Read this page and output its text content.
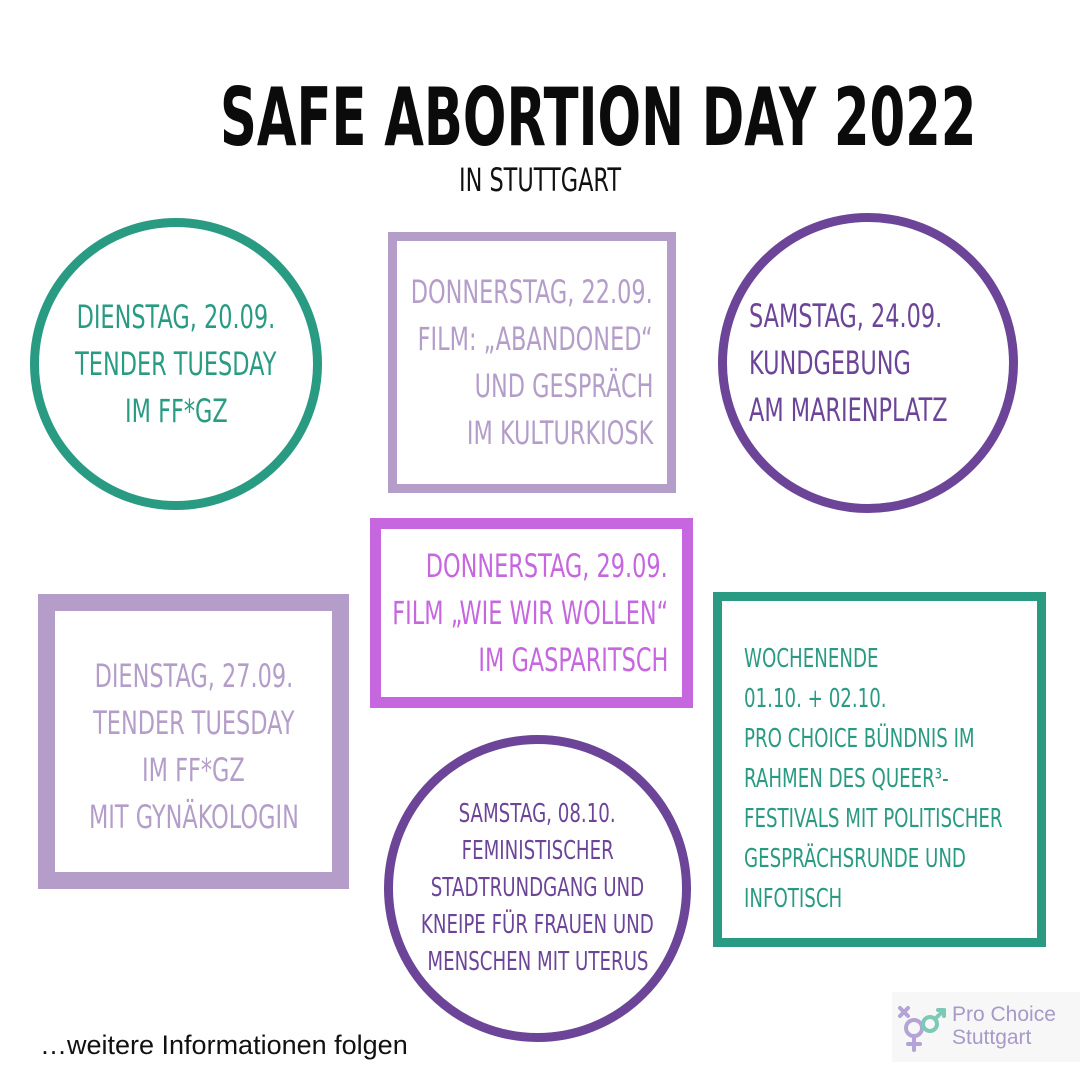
SAFE ABORTION DAY 2022
IN STUTTGART
DIENSTAG, 20.09.
TENDER TUESDAY
IM FF*GZ
DONNERSTAG, 22.09.
FILM: „ABANDONED“
UND GESPRÄCH
IM KULTURKIOSK
SAMSTAG, 24.09.
KUNDGEBUNG
AM MARIENPLATZ
DONNERSTAG, 29.09.
FILM „WIE WIR WOLLEN“
IM GASPARITSCH
DIENSTAG, 27.09.
TENDER TUESDAY
IM FF*GZ
MIT GYNÄKOLOGIN	SAMSTAG, 08.10.
FEMINISTISCHER
STADTRUNDGANG UND
KNEIPE FÜR FRAUEN UND
MENSCHEN MIT UTERUS
WOCHENENDE
01.10. + 02.10.
PRO CHOICE BÜNDNIS IM
RAHMEN DES QUEER³-
FESTIVALS MIT POLITISCHER
GESPRÄCHSRUNDE UND
INFOTISCH
…weitere Informationen folgen
Pro Choice
Stuttgart
